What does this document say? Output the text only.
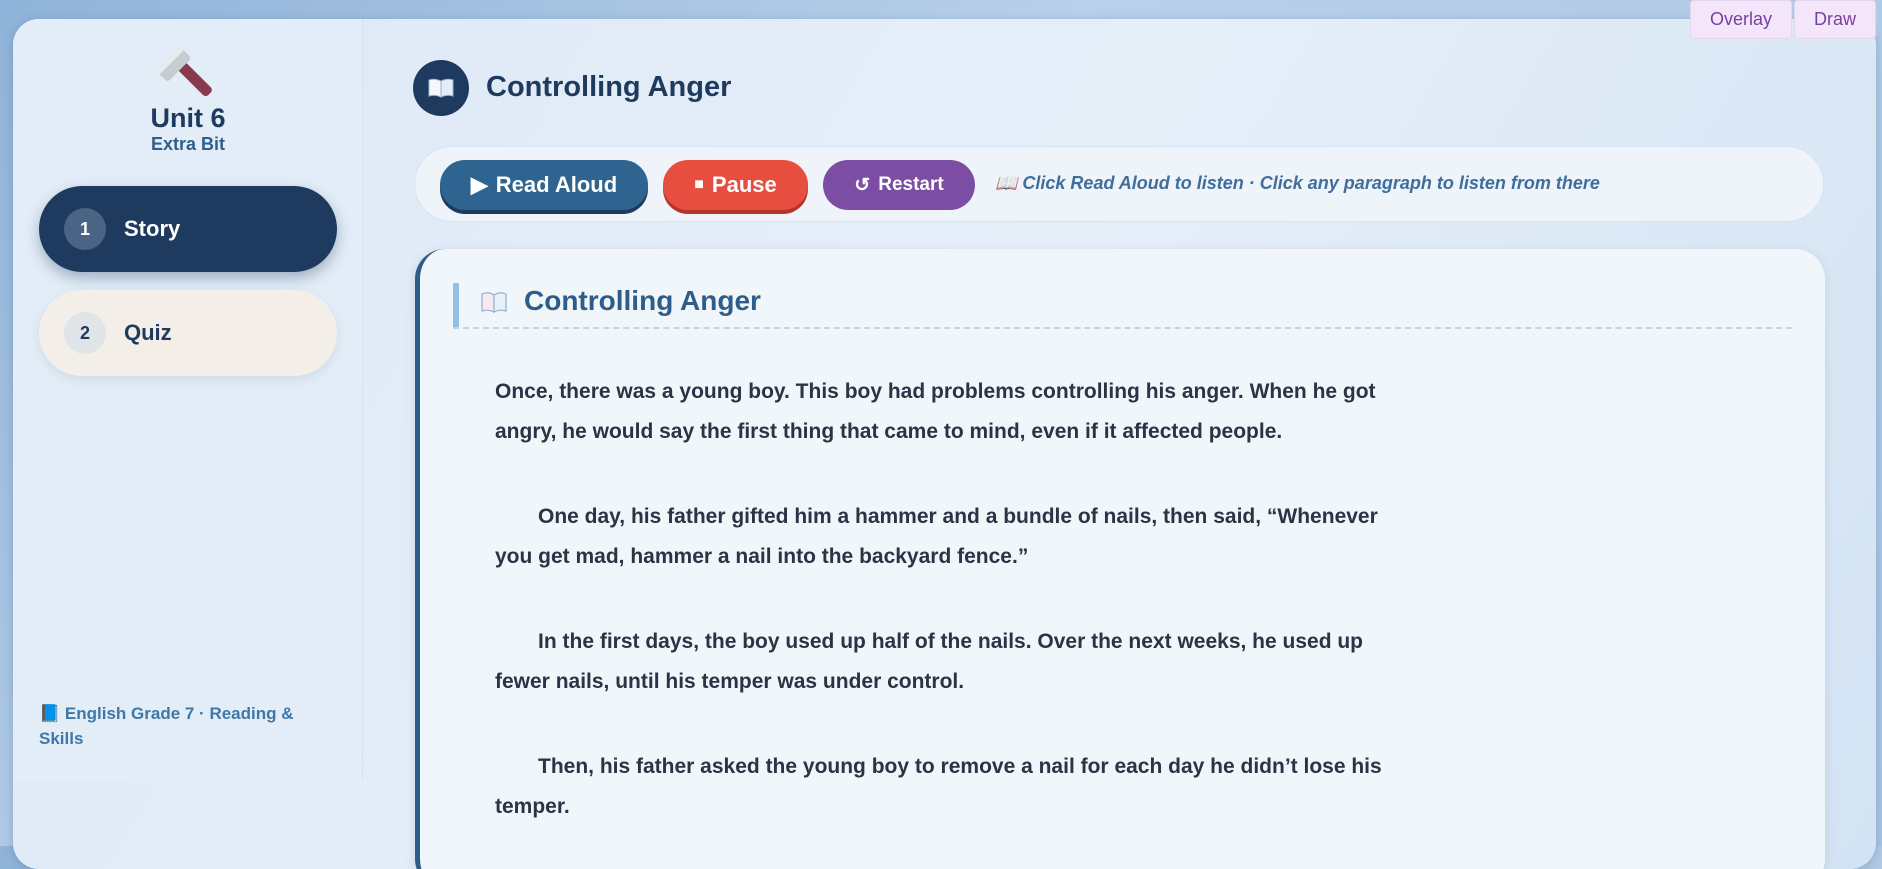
Unit 6
Extra Bit
1	Story
2	Quiz
📘 English Grade 7 · Reading & Skills
Controlling Anger
▶ Read Aloud	■ Pause	↺ Restart	📖 Click Read Aloud to listen · Click any paragraph to listen from there
Controlling Anger

Once, there was a young boy. This boy had problems controlling his anger. When he got angry, he would say the first thing that came to mind, even if it affected people.

One day, his father gifted him a hammer and a bundle of nails, then said, “Whenever you get mad, hammer a nail into the backyard fence.”

In the first days, the boy used up half of the nails. Over the next weeks, he used up fewer nails, until his temper was under control.

Then, his father asked the young boy to remove a nail for each day he didn’t lose his temper.

Overlay	Draw
